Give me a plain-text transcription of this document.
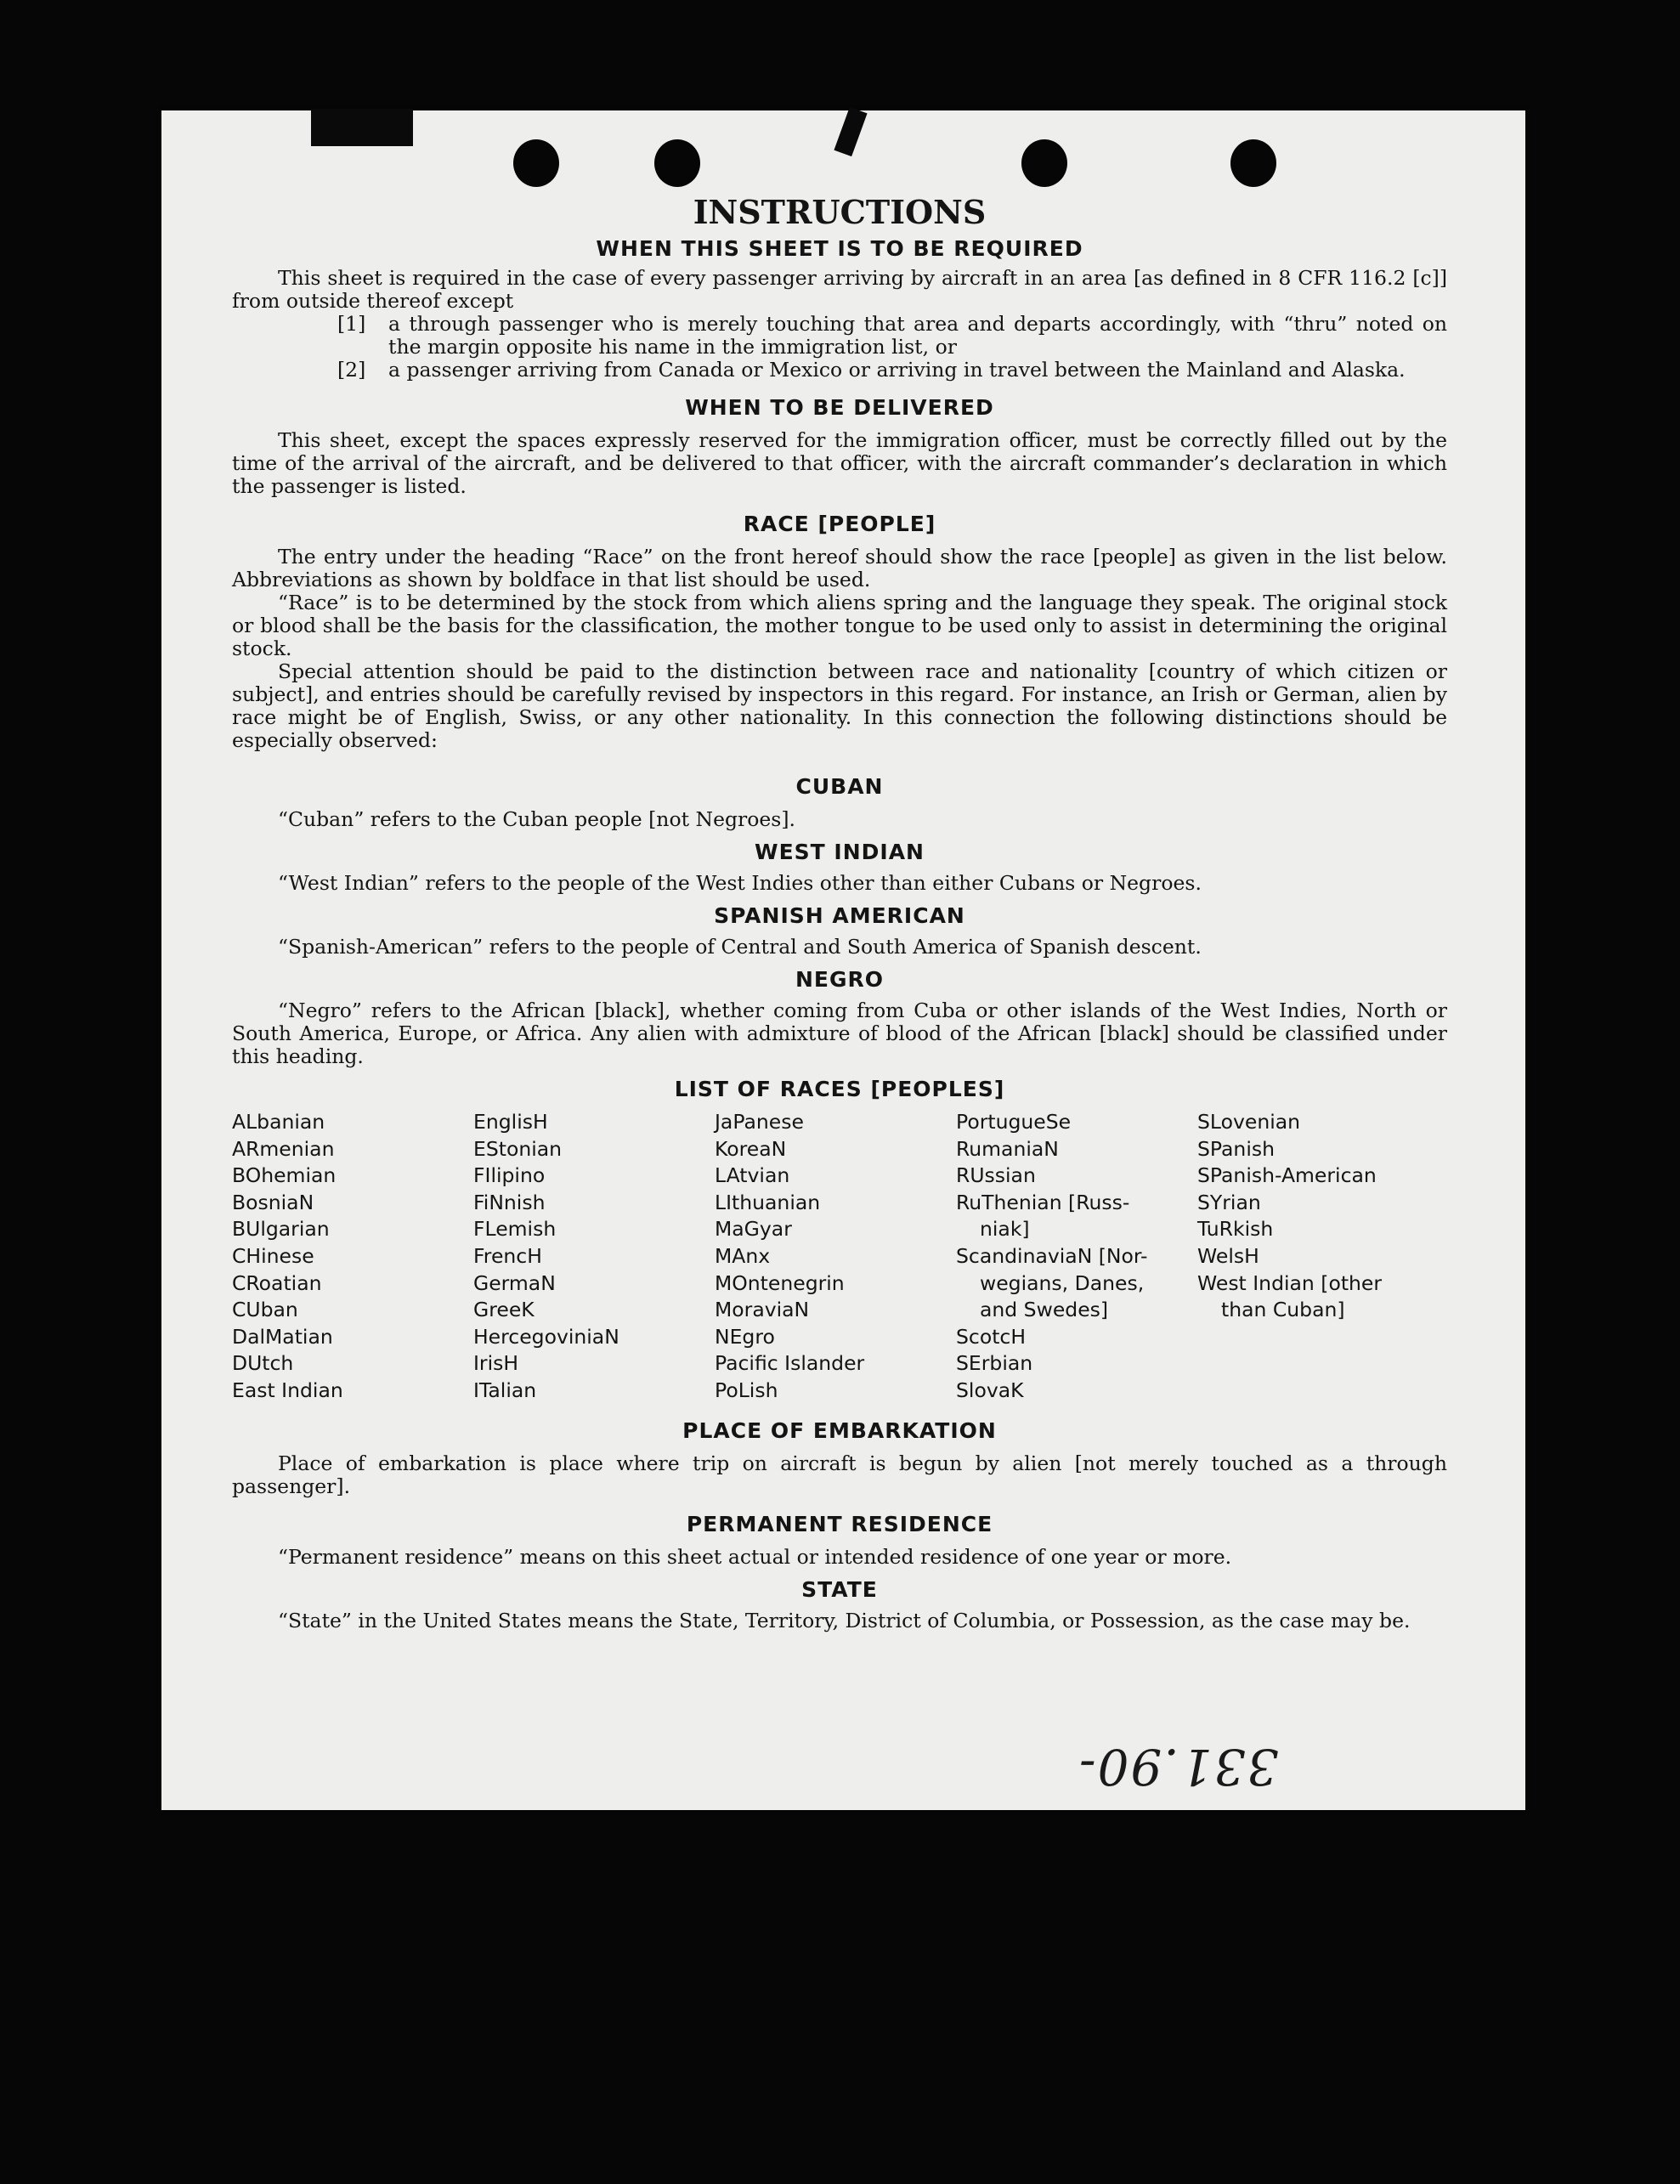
INSTRUCTIONS
WHEN THIS SHEET IS TO BE REQUIRED

This sheet is required in the case of every passenger arriving by aircraft in an area [as defined in 8 CFR 116.2 [c]] from outside thereof except

[1]	a through passenger who is merely touching that area and departs accordingly, with “thru” noted on the margin opposite his name in the immigration list, or
[2]	a passenger arriving from Canada or Mexico or arriving in travel between the Mainland and Alaska.
WHEN TO BE DELIVERED

This sheet, except the spaces expressly reserved for the immigration officer, must be correctly filled out by the time of the arrival of the aircraft, and be delivered to that officer, with the aircraft commander’s declaration in which the passenger is listed.

RACE [PEOPLE]

The entry under the heading “Race” on the front hereof should show the race [people] as given in the list below. Abbreviations as shown by boldface in that list should be used.

“Race” is to be determined by the stock from which aliens spring and the language they speak. The original stock or blood shall be the basis for the classification, the mother tongue to be used only to assist in determining the original stock.

Special attention should be paid to the distinction between race and nationality [country of which citizen or subject], and entries should be carefully revised by inspectors in this regard. For instance, an Irish or German, alien by race might be of English, Swiss, or any other nationality. In this connection the following distinctions should be especially observed:

CUBAN

“Cuban” refers to the Cuban people [not Negroes].

WEST INDIAN

“West Indian” refers to the people of the West Indies other than either Cubans or Negroes.

SPANISH AMERICAN

“Spanish-American” refers to the people of Central and South America of Spanish descent.

NEGRO

“Negro” refers to the African [black], whether coming from Cuba or other islands of the West Indies, North or South America, Europe, or Africa. Any alien with admixture of blood of the African [black] should be classified under this heading.

LIST OF RACES [PEOPLES]
ALbanian
ARmenian
BOhemian
BosniaN
BUlgarian
CHinese
CRoatian
CUban
DalMatian
DUtch
East Indian
EnglisH
EStonian
FIlipino
FiNnish
FLemish
FrencH
GermaN
GreeK
HercegoviniaN
IrisH
ITalian
JaPanese
KoreaN
LAtvian
LIthuanian
MaGyar
MAnx
MOntenegrin
MoraviaN
NEgro
Pacific Islander
PoLish
PortugueSe
RumaniaN
RUssian
RuThenian [Russ-
niak]
ScandinaviaN [Nor-
wegians, Danes,
and Swedes]
ScotcH
SErbian
SlovaK
SLovenian
SPanish
SPanish-American
SYrian
TuRkish
WelsH
West Indian [other
than Cuban]
PLACE OF EMBARKATION

Place of embarkation is place where trip on aircraft is begun by alien [not merely touched as a through passenger].

PERMANENT RESIDENCE

“Permanent residence” means on this sheet actual or intended residence of one year or more.

STATE

“State” in the United States means the State, Territory, District of Columbia, or Possession, as the case may be.

331.90-
